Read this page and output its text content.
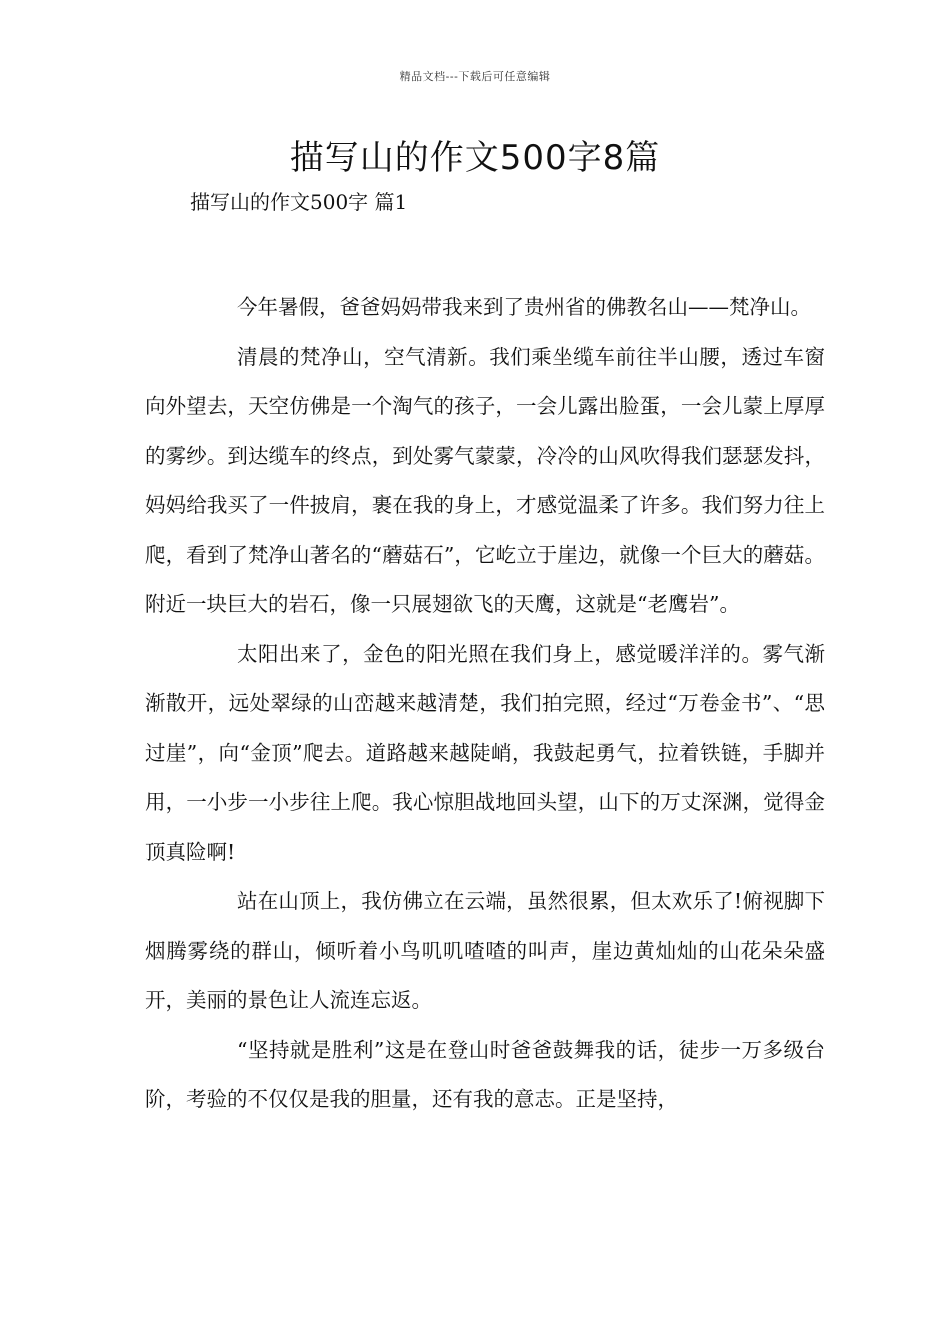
精品文档---下载后可任意编辑
描写山的作文500字8篇
描写山的作文500字 篇1

今年暑假，爸爸妈妈带我来到了贵州省的佛教名山——梵净山。

清晨的梵净山，空气清新。我们乘坐缆车前往半山腰，透过车窗向外望去，天空仿佛是一个淘气的孩子，一会儿露出脸蛋，一会儿蒙上厚厚的雾纱。到达缆车的终点，到处雾气蒙蒙，冷冷的山风吹得我们瑟瑟发抖，妈妈给我买了一件披肩，裹在我的身上，才感觉温柔了许多。我们努力往上爬，看到了梵净山著名的“蘑菇石”，它屹立于崖边，就像一个巨大的蘑菇。附近一块巨大的岩石，像一只展翅欲飞的天鹰，这就是“老鹰岩”。

太阳出来了，金色的阳光照在我们身上，感觉暖洋洋的。雾气渐渐散开，远处翠绿的山峦越来越清楚，我们拍完照，经过“万卷金书”、“思过崖”，向“金顶”爬去。道路越来越陡峭，我鼓起勇气，拉着铁链，手脚并用，一小步一小步往上爬。我心惊胆战地回头望，山下的万丈深渊，觉得金顶真险啊!

站在山顶上，我仿佛立在云端，虽然很累，但太欢乐了!俯视脚下烟腾雾绕的群山，倾听着小鸟叽叽喳喳的叫声，崖边黄灿灿的山花朵朵盛开，美丽的景色让人流连忘返。

“坚持就是胜利”这是在登山时爸爸鼓舞我的话，徒步一万多级台阶，考验的不仅仅是我的胆量，还有我的意志。正是坚持，
